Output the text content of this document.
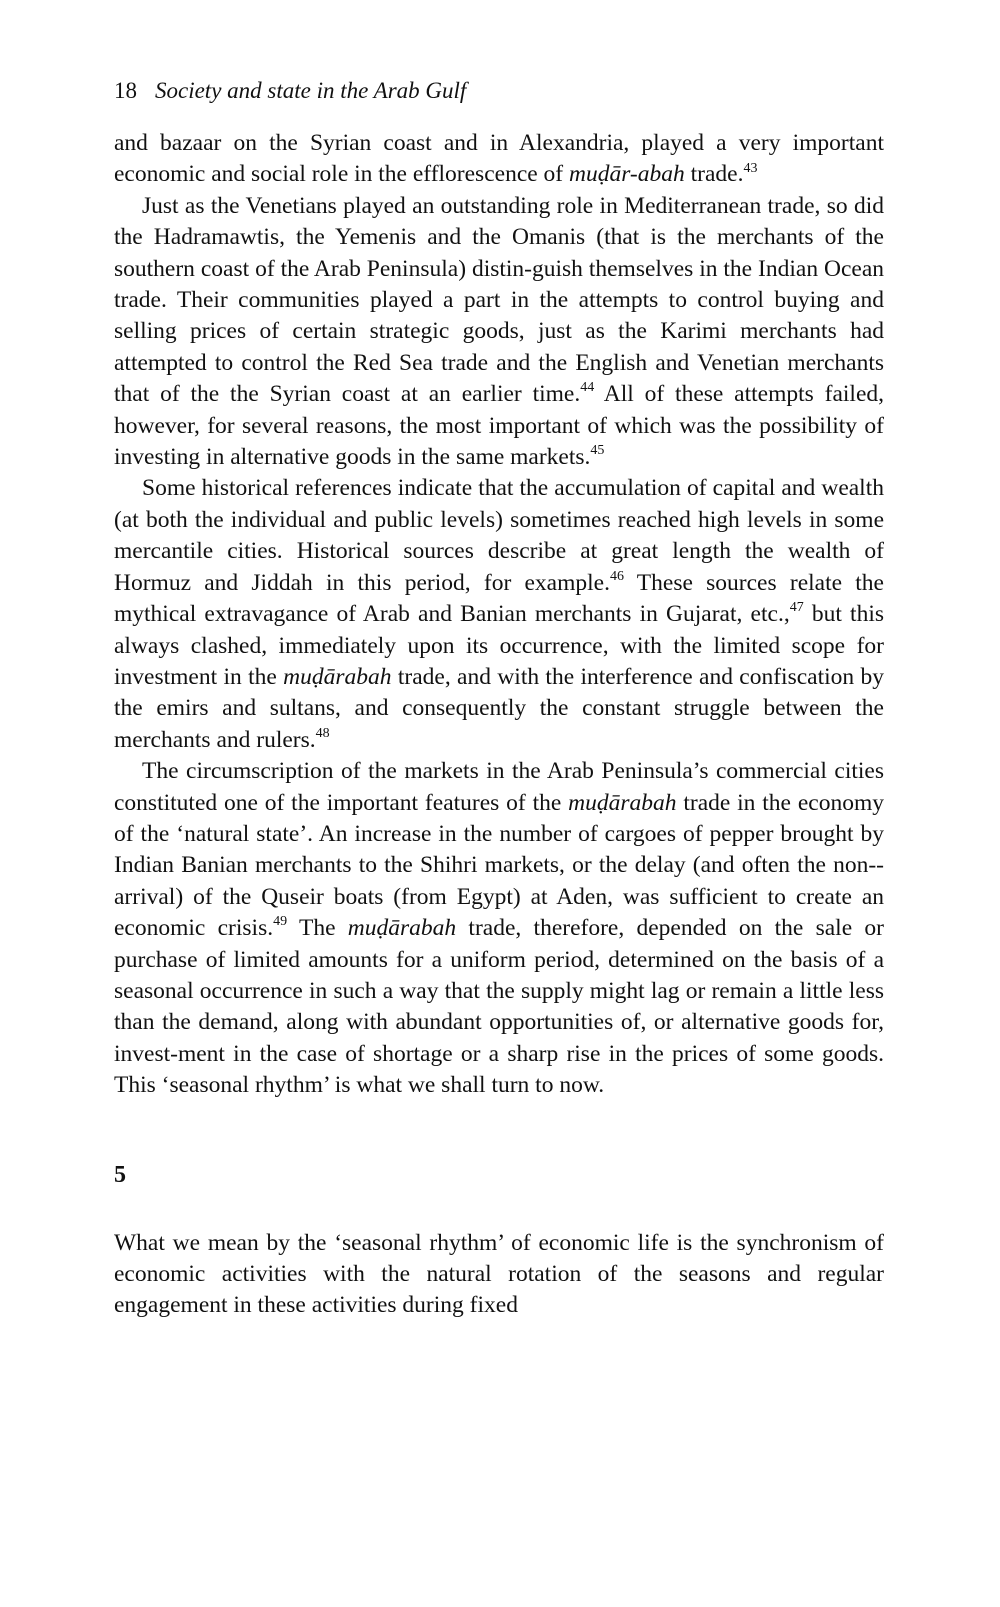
18 Society and state in the Arab Gulf

and bazaar on the Syrian coast and in Alexandria, played a very important economic and social role in the efflorescence of muḍār-abah trade.$^{43}$

Just as the Venetians played an outstanding role in Mediterranean trade, so did the Hadramawtis, the Yemenis and the Omanis (that is the merchants of the southern coast of the Arab Peninsula) distin-guish themselves in the Indian Ocean trade. Their communities played a part in the attempts to control buying and selling prices of certain strategic goods, just as the Karimi merchants had attempted to control the Red Sea trade and the English and Venetian merchants that of the the Syrian coast at an earlier time.$^{44}$ All of these attempts failed, however, for several reasons, the most important of which was the possibility of investing in alternative goods in the same markets.$^{45}$

Some historical references indicate that the accumulation of capital and wealth (at both the individual and public levels) sometimes reached high levels in some mercantile cities. Historical sources describe at great length the wealth of Hormuz and Jiddah in this period, for example.$^{46}$ These sources relate the mythical extravagance of Arab and Banian merchants in Gujarat, etc.,$^{47}$ but this always clashed, immediately upon its occurrence, with the limited scope for investment in the muḍārabah trade, and with the interference and confiscation by the emirs and sultans, and consequently the constant struggle between the merchants and rulers.$^{48}$

The circumscription of the markets in the Arab Peninsula’s commercial cities constituted one of the important features of the muḍārabah trade in the economy of the ‘natural state’. An increase in the number of cargoes of pepper brought by Indian Banian merchants to the Shihri markets, or the delay (and often the non-arrival) of the Quseir boats (from Egypt) at Aden, was sufficient to create an economic crisis.$^{49}$ The muḍārabah trade, therefore, depended on the sale or purchase of limited amounts for a uniform period, determined on the basis of a seasonal occurrence in such a way that the supply might lag or remain a little less than the demand, along with abundant opportunities of, or alternative goods for, invest-ment in the case of shortage or a sharp rise in the prices of some goods. This ‘seasonal rhythm’ is what we shall turn to now.

5

What we mean by the ‘seasonal rhythm’ of economic life is the synchronism of economic activities with the natural rotation of the seasons and regular engagement in these activities during fixed
